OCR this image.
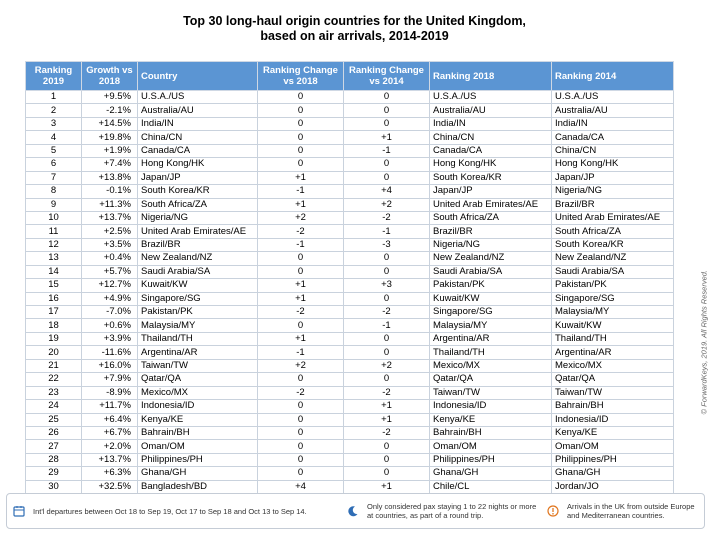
Top 30 long-haul origin countries for the United Kingdom,
based on air arrivals, 2014-2019
Ranking 2019	Growth vs 2018	Country	Ranking Change vs 2018	Ranking Change vs 2014	Ranking 2018	Ranking 2014
1	+9.5%	U.S.A./US	0	0	U.S.A./US	U.S.A./US
2	-2.1%	Australia/AU	0	0	Australia/AU	Australia/AU
3	+14.5%	India/IN	0	0	India/IN	India/IN
4	+19.8%	China/CN	0	+1	China/CN	Canada/CA
5	+1.9%	Canada/CA	0	-1	Canada/CA	China/CN
6	+7.4%	Hong Kong/HK	0	0	Hong Kong/HK	Hong Kong/HK
7	+13.8%	Japan/JP	+1	0	South Korea/KR	Japan/JP
8	-0.1%	South Korea/KR	-1	+4	Japan/JP	Nigeria/NG
9	+11.3%	South Africa/ZA	+1	+2	United Arab Emirates/AE	Brazil/BR
10	+13.7%	Nigeria/NG	+2	-2	South Africa/ZA	United Arab Emirates/AE
11	+2.5%	United Arab Emirates/AE	-2	-1	Brazil/BR	South Africa/ZA
12	+3.5%	Brazil/BR	-1	-3	Nigeria/NG	South Korea/KR
13	+0.4%	New Zealand/NZ	0	0	New Zealand/NZ	New Zealand/NZ
14	+5.7%	Saudi Arabia/SA	0	0	Saudi Arabia/SA	Saudi Arabia/SA
15	+12.7%	Kuwait/KW	+1	+3	Pakistan/PK	Pakistan/PK
16	+4.9%	Singapore/SG	+1	0	Kuwait/KW	Singapore/SG
17	-7.0%	Pakistan/PK	-2	-2	Singapore/SG	Malaysia/MY
18	+0.6%	Malaysia/MY	0	-1	Malaysia/MY	Kuwait/KW
19	+3.9%	Thailand/TH	+1	0	Argentina/AR	Thailand/TH
20	-11.6%	Argentina/AR	-1	0	Thailand/TH	Argentina/AR
21	+16.0%	Taiwan/TW	+2	+2	Mexico/MX	Mexico/MX
22	+7.9%	Qatar/QA	0	0	Qatar/QA	Qatar/QA
23	-8.9%	Mexico/MX	-2	-2	Taiwan/TW	Taiwan/TW
24	+11.7%	Indonesia/ID	0	+1	Indonesia/ID	Bahrain/BH
25	+6.4%	Kenya/KE	0	+1	Kenya/KE	Indonesia/ID
26	+6.7%	Bahrain/BH	0	-2	Bahrain/BH	Kenya/KE
27	+2.0%	Oman/OM	0	0	Oman/OM	Oman/OM
28	+13.7%	Philippines/PH	0	0	Philippines/PH	Philippines/PH
29	+6.3%	Ghana/GH	0	0	Ghana/GH	Ghana/GH
30	+32.5%	Bangladesh/BD	+4	+1	Chile/CL	Jordan/JO
© ForwardKeys, 2019. All Rights Reserved.
Int'l departures between Oct 18 to Sep 19, Oct 17 to Sep 18 and Oct 13 to Sep 14.	Only considered pax staying 1 to 22 nights or more at countries, as part of a round trip.
Arrivals in the UK from outside Europe and Mediterranean countries.
